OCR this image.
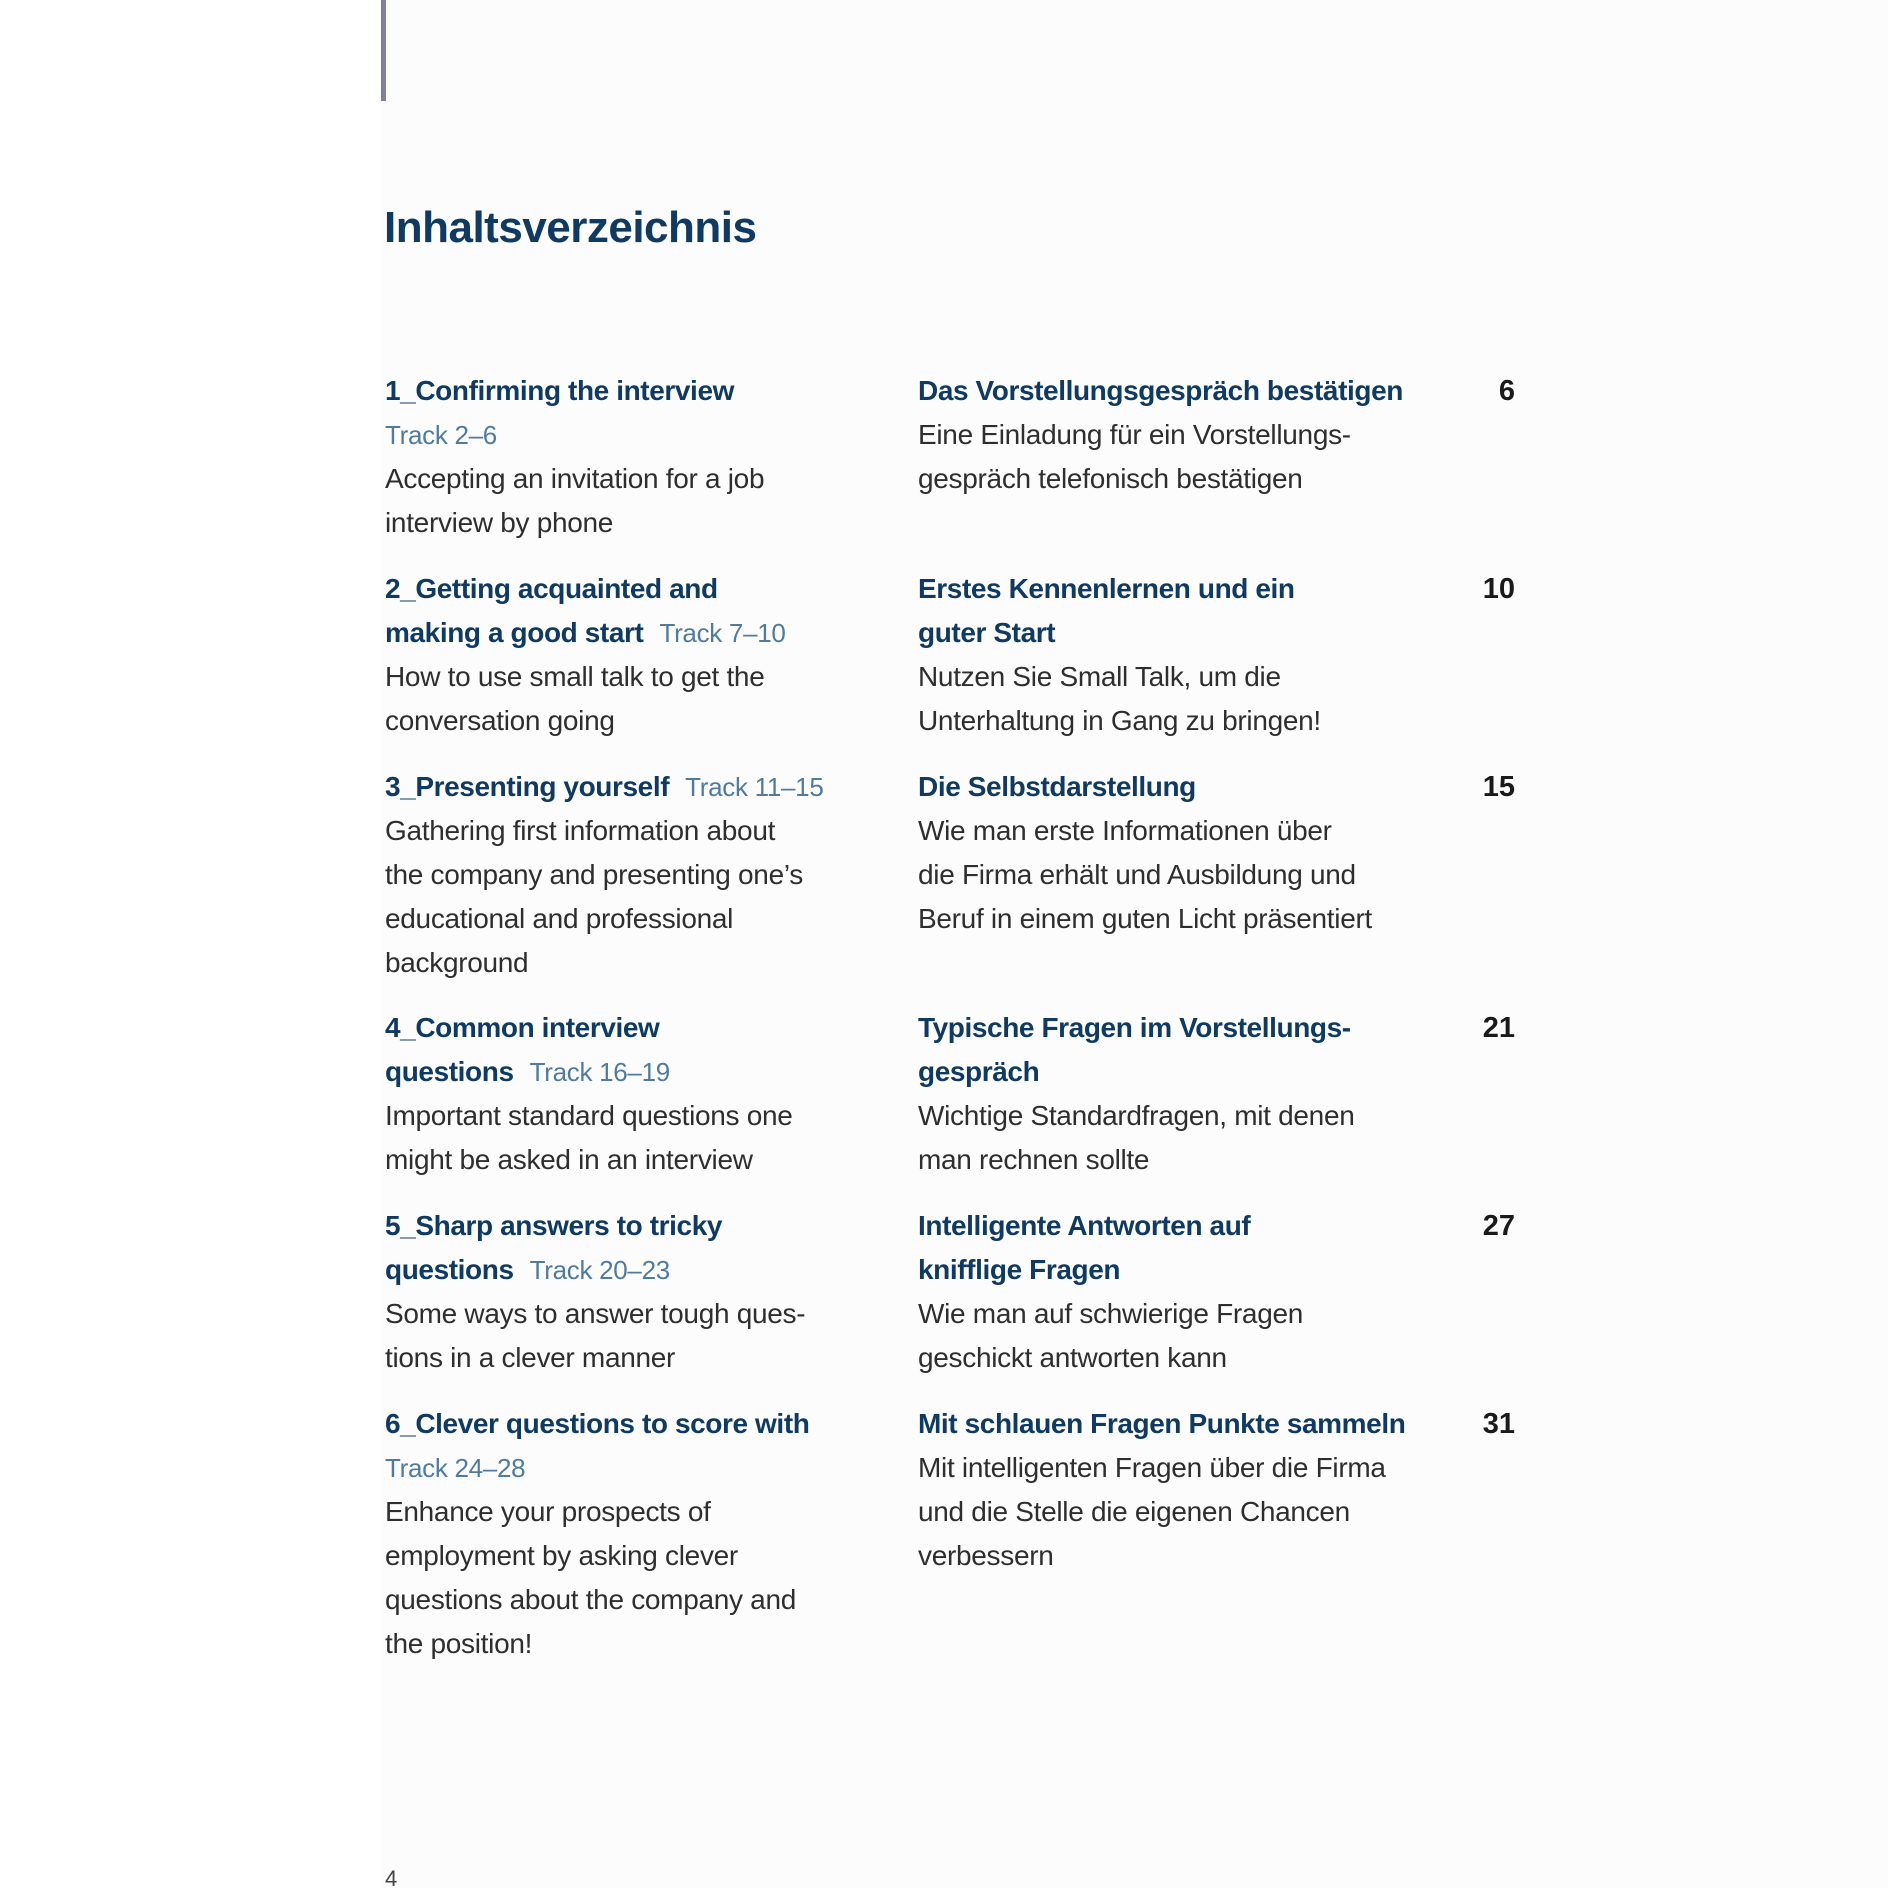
Inhaltsverzeichnis
1_Confirming the interview
Track 2–6
Accepting an invitation for a job
interview by phone
Das Vorstellungsgespräch bestätigen
Eine Einladung für ein Vorstellungs-
gespräch telefonisch bestätigen
6
2_Getting acquainted and
making a good start Track 7–10
How to use small talk to get the
conversation going
Erstes Kennenlernen und ein
guter Start
Nutzen Sie Small Talk, um die
Unterhaltung in Gang zu bringen!
10
3_Presenting yourself Track 11–15
Gathering first information about
the company and presenting one’s
educational and professional
background
Die Selbstdarstellung
Wie man erste Informationen über
die Firma erhält und Ausbildung und
Beruf in einem guten Licht präsentiert
15
4_Common interview
questions Track 16–19
Important standard questions one
might be asked in an interview
Typische Fragen im Vorstellungs-
gespräch
Wichtige Standardfragen, mit denen
man rechnen sollte
21
5_Sharp answers to tricky
questions Track 20–23
Some ways to answer tough ques-
tions in a clever manner
Intelligente Antworten auf
knifflige Fragen
Wie man auf schwierige Fragen
geschickt antworten kann
27
6_Clever questions to score with
Track 24–28
Enhance your prospects of
employment by asking clever
questions about the company and
the position!
Mit schlauen Fragen Punkte sammeln
Mit intelligenten Fragen über die Firma
und die Stelle die eigenen Chancen
verbessern
31
4
